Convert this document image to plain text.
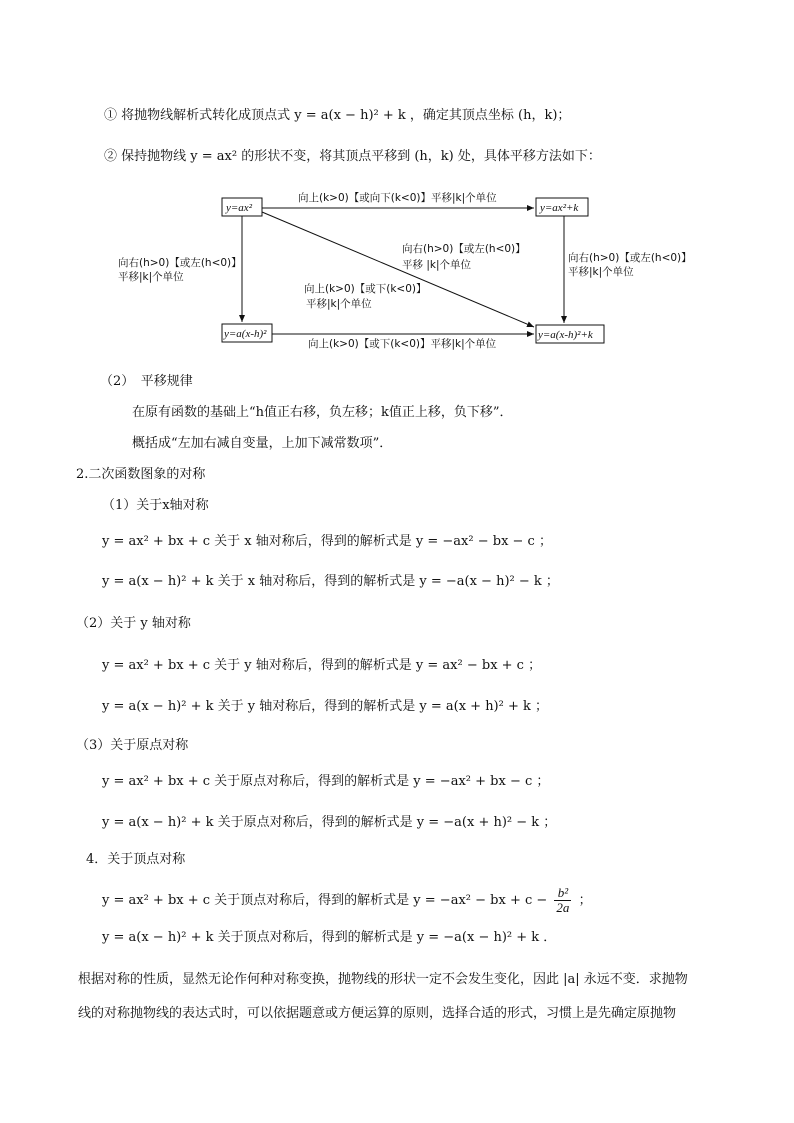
① 将抛物线解析式转化成顶点式 y = a(x − h)² + k ，确定其顶点坐标 (h，k)；
② 保持抛物线 y = ax² 的形状不变，将其顶点平移到 (h，k) 处，具体平移方法如下：
y=ax²	y=ax²+k
y=a(x-h)²	y=a(x-h)²+k
向上(k>0)【或向下(k<0)】平移|k|个单位
向右(h>0)【或左(h<0)】
平移|k|个单位
向右(h>0)【或左(h<0)】
平移|k|个单位
向右(h>0)【或左(h<0)】
平移 |k|个单位
向上(k>0)【或下(k<0)】
平移|k|个单位
向上(k>0)【或下(k<0)】平移|k|个单位
（2）　平移规律
在原有函数的基础上“h值正右移，负左移；k值正上移，负下移”．
概括成“左加右减自变量，上加下减常数项”．
2.二次函数图象的对称
（1）关于x轴对称
y = ax² + bx + c 关于 x 轴对称后，得到的解析式是 y = −ax² − bx − c ；
y = a(x − h)² + k 关于 x 轴对称后，得到的解析式是 y = −a(x − h)² − k ；
（2）关于 y 轴对称
y = ax² + bx + c 关于 y 轴对称后，得到的解析式是 y = ax² − bx + c ；
y = a(x − h)² + k 关于 y 轴对称后，得到的解析式是 y = a(x + h)² + k ；
（3）关于原点对称
y = ax² + bx + c 关于原点对称后，得到的解析式是 y = −ax² + bx − c ；
y = a(x − h)² + k 关于原点对称后，得到的解析式是 y = −a(x + h)² − k ；
4．关于顶点对称
y = ax² + bx + c 关于顶点对称后，得到的解析式是 y = −ax² − bx + $c - \frac{\text{b²}}{2a}$ ；
y = a(x − h)² + k 关于顶点对称后，得到的解析式是 y = −a(x − h)² + k ．
根据对称的性质，显然无论作何种对称变换，抛物线的形状一定不会发生变化，因此 |a| 永远不变．求抛物
线的对称抛物线的表达式时，可以依据题意或方便运算的原则，选择合适的形式，习惯上是先确定原抛物
